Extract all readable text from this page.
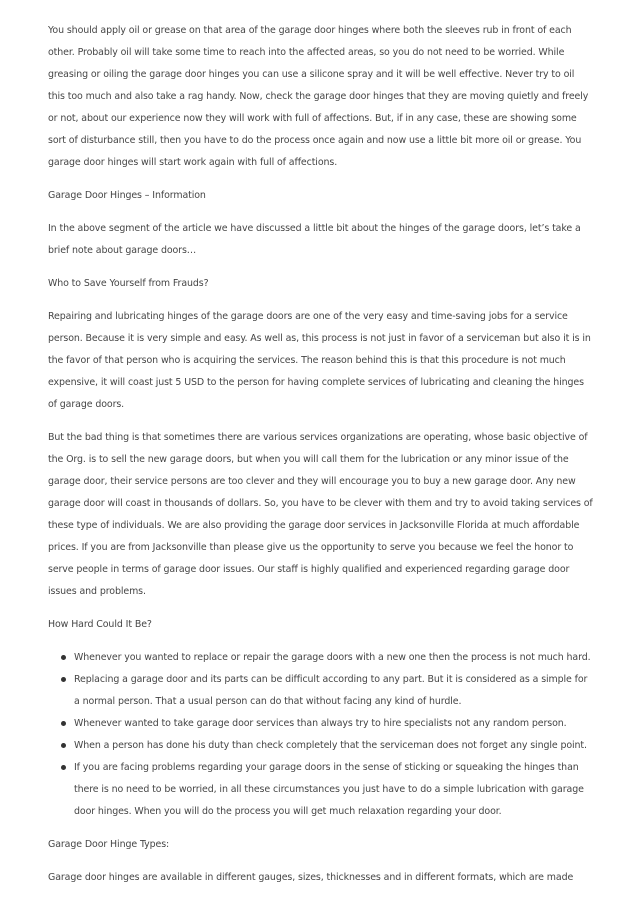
You should apply oil or grease on that area of the garage door hinges where both the sleeves rub in front of each other. Probably oil will take some time to reach into the affected areas, so you do not need to be worried. While greasing or oiling the garage door hinges you can use a silicone spray and it will be well effective. Never try to oil this too much and also take a rag handy. Now, check the garage door hinges that they are moving quietly and freely or not, about our experience now they will work with full of affections. But, if in any case, these are showing some sort of disturbance still, then you have to do the process once again and now use a little bit more oil or grease. You garage door hinges will start work again with full of affections.

Garage Door Hinges – Information

In the above segment of the article we have discussed a little bit about the hinges of the garage doors, let’s take a brief note about garage doors…

Who to Save Yourself from Frauds?

Repairing and lubricating hinges of the garage doors are one of the very easy and time-saving jobs for a service person. Because it is very simple and easy. As well as, this process is not just in favor of a serviceman but also it is in the favor of that person who is acquiring the services. The reason behind this is that this procedure is not much expensive, it will coast just 5 USD to the person for having complete services of lubricating and cleaning the hinges of garage doors.

But the bad thing is that sometimes there are various services organizations are operating, whose basic objective of the Org. is to sell the new garage doors, but when you will call them for the lubrication or any minor issue of the garage door, their service persons are too clever and they will encourage you to buy a new garage door. Any new garage door will coast in thousands of dollars. So, you have to be clever with them and try to avoid taking services of these type of individuals. We are also providing the garage door services in Jacksonville Florida at much affordable prices. If you are from Jacksonville than please give us the opportunity to serve you because we feel the honor to serve people in terms of garage door issues. Our staff is highly qualified and experienced regarding garage door issues and problems.

How Hard Could It Be?

Whenever you wanted to replace or repair the garage doors with a new one then the process is not much hard.
Replacing a garage door and its parts can be difficult according to any part. But it is considered as a simple for a normal person. That a usual person can do that without facing any kind of hurdle.
Whenever wanted to take garage door services than always try to hire specialists not any random person.
When a person has done his duty than check completely that the serviceman does not forget any single point.
If you are facing problems regarding your garage doors in the sense of sticking or squeaking the hinges than there is no need to be worried, in all these circumstances you just have to do a simple lubrication with garage door hinges. When you will do the process you will get much relaxation regarding your door.

Garage Door Hinge Types:

Garage door hinges are available in different gauges, sizes, thicknesses and in different formats, which are made
